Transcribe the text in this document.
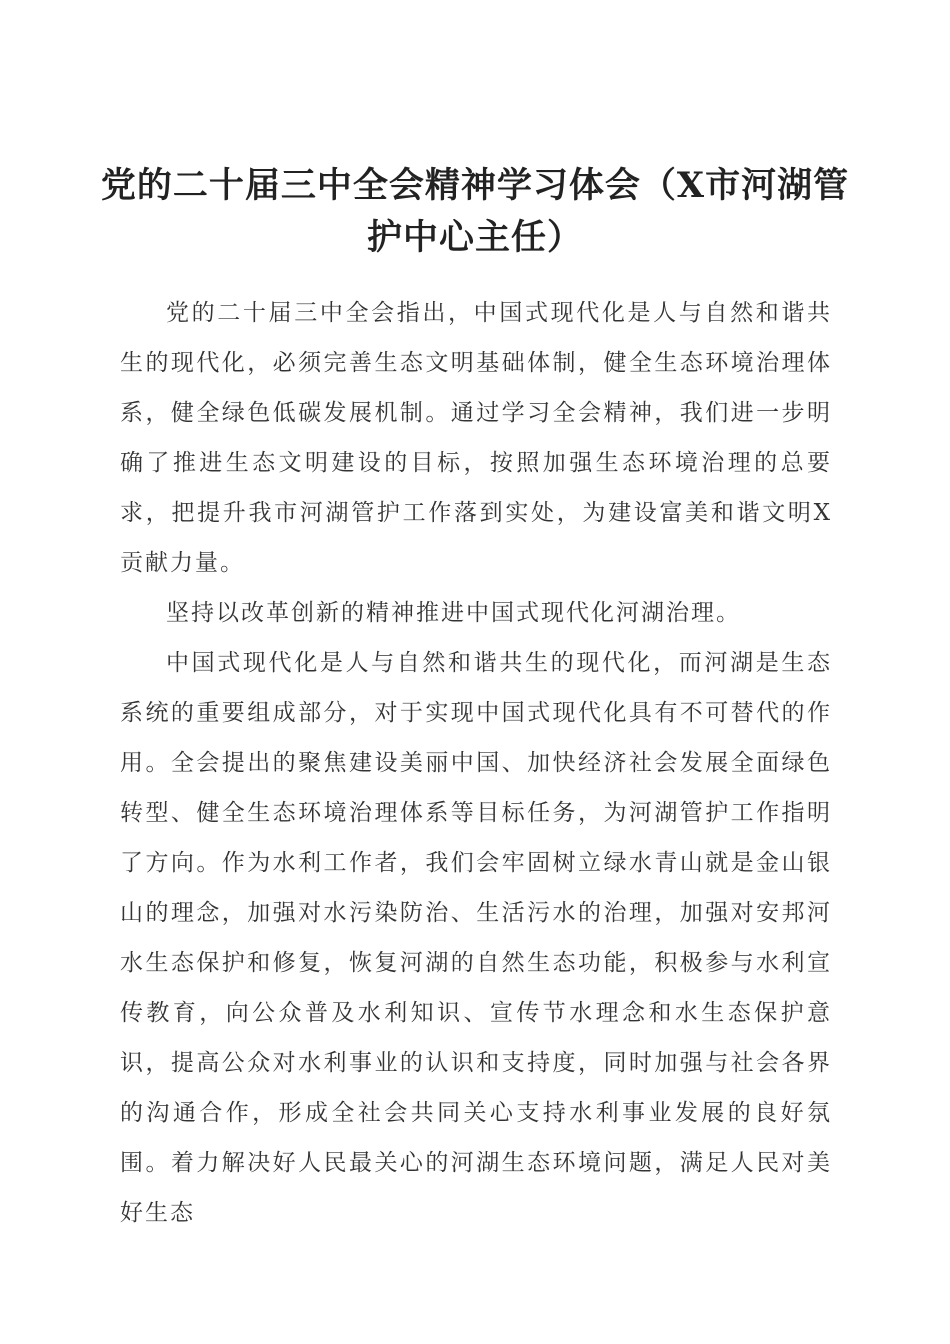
党的二十届三中全会精神学习体会（X市河湖管护中心主任）

党的二十届三中全会指出，中国式现代化是人与自然和谐共生的现代化，必须完善生态文明基础体制，健全生态环境治理体系，健全绿色低碳发展机制。通过学习全会精神，我们进一步明确了推进生态文明建设的目标，按照加强生态环境治理的总要求，把提升我市河湖管护工作落到实处，为建设富美和谐文明X贡献力量。

坚持以改革创新的精神推进中国式现代化河湖治理。

中国式现代化是人与自然和谐共生的现代化，而河湖是生态系统的重要组成部分，对于实现中国式现代化具有不可替代的作用。全会提出的聚焦建设美丽中国、加快经济社会发展全面绿色转型、健全生态环境治理体系等目标任务，为河湖管护工作指明了方向。作为水利工作者，我们会牢固树立绿水青山就是金山银山的理念，加强对水污染防治、生活污水的治理，加强对安邦河水生态保护和修复，恢复河湖的自然生态功能，积极参与水利宣传教育，向公众普及水利知识、宣传节水理念和水生态保护意识，提高公众对水利事业的认识和支持度，同时加强与社会各界的沟通合作，形成全社会共同关心支持水利事业发展的良好氛围。着力解决好人民最关心的河湖生态环境问题，满足人民对美好生态
